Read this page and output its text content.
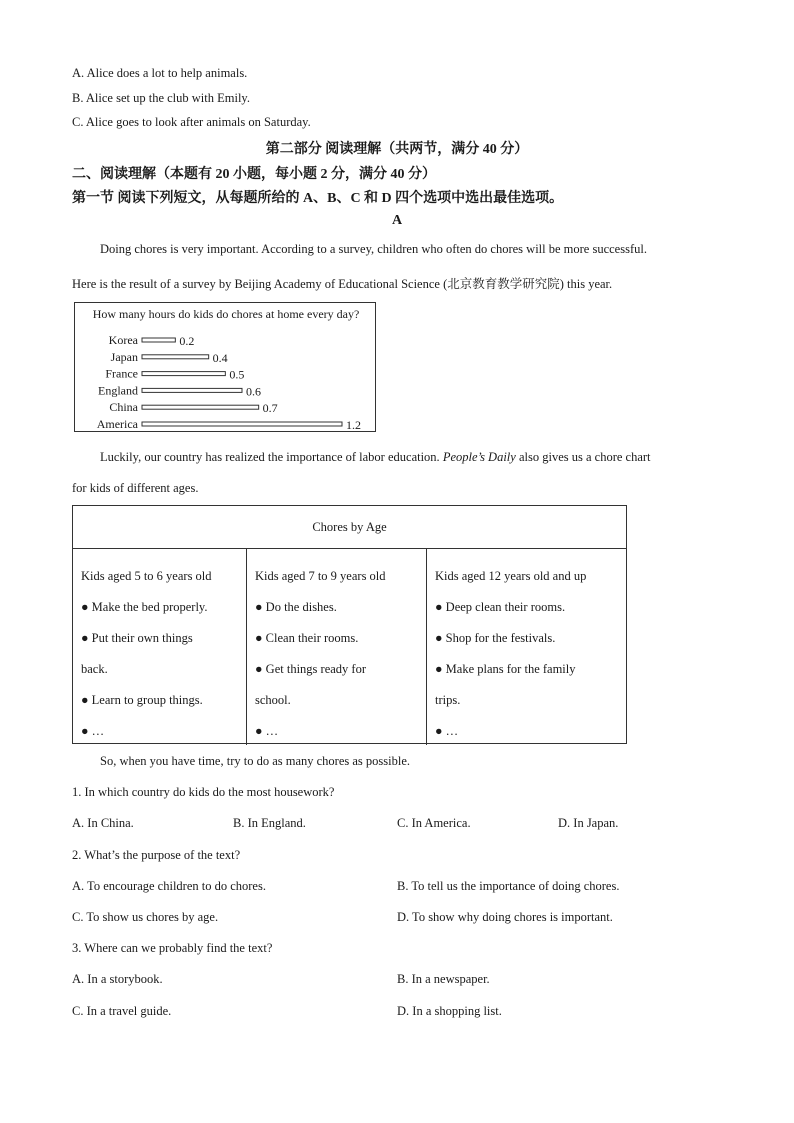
A. Alice does a lot to help animals.
B. Alice set up the club with Emily.
C. Alice goes to look after animals on Saturday.
第二部分 阅读理解（共两节，满分 40 分）
二、阅读理解（本题有 20 小题，每小题 2 分，满分 40 分）
第一节 阅读下列短文，从每题所给的 A、B、C 和 D 四个选项中选出最佳选项。
A
Doing chores is very important. According to a survey, children who often do chores will be more successful.
Here is the result of a survey by Beijing Academy of Educational Science (北京教育教学研究院) this year.
How many hours do kids do chores at home every day?
Korea	0.2
Japan	0.4
France	0.5
England	0.6
China	0.7
America	1.2
Luckily, our country has realized the importance of labor education. People’s Daily also gives us a chore chart
for kids of different ages.
Chores by Age
Kids aged 5 to 6 years old
● Make the bed properly.
● Put their own things
back.
● Learn to group things.
● …
Kids aged 7 to 9 years old
● Do the dishes.
● Clean their rooms.
● Get things ready for
school.
● …
Kids aged 12 years old and up
● Deep clean their rooms.
● Shop for the festivals.
● Make plans for the family
trips.
● …
So, when you have time, try to do as many chores as possible.
1. In which country do kids do the most housework?
A. In China.	B. In England.	C. In America.	D. In Japan.
2. What’s the purpose of the text?
A. To encourage children to do chores.	B. To tell us the importance of doing chores.
C. To show us chores by age.	D. To show why doing chores is important.
3. Where can we probably find the text?
A. In a storybook.	B. In a newspaper.
C. In a travel guide.	D. In a shopping list.
